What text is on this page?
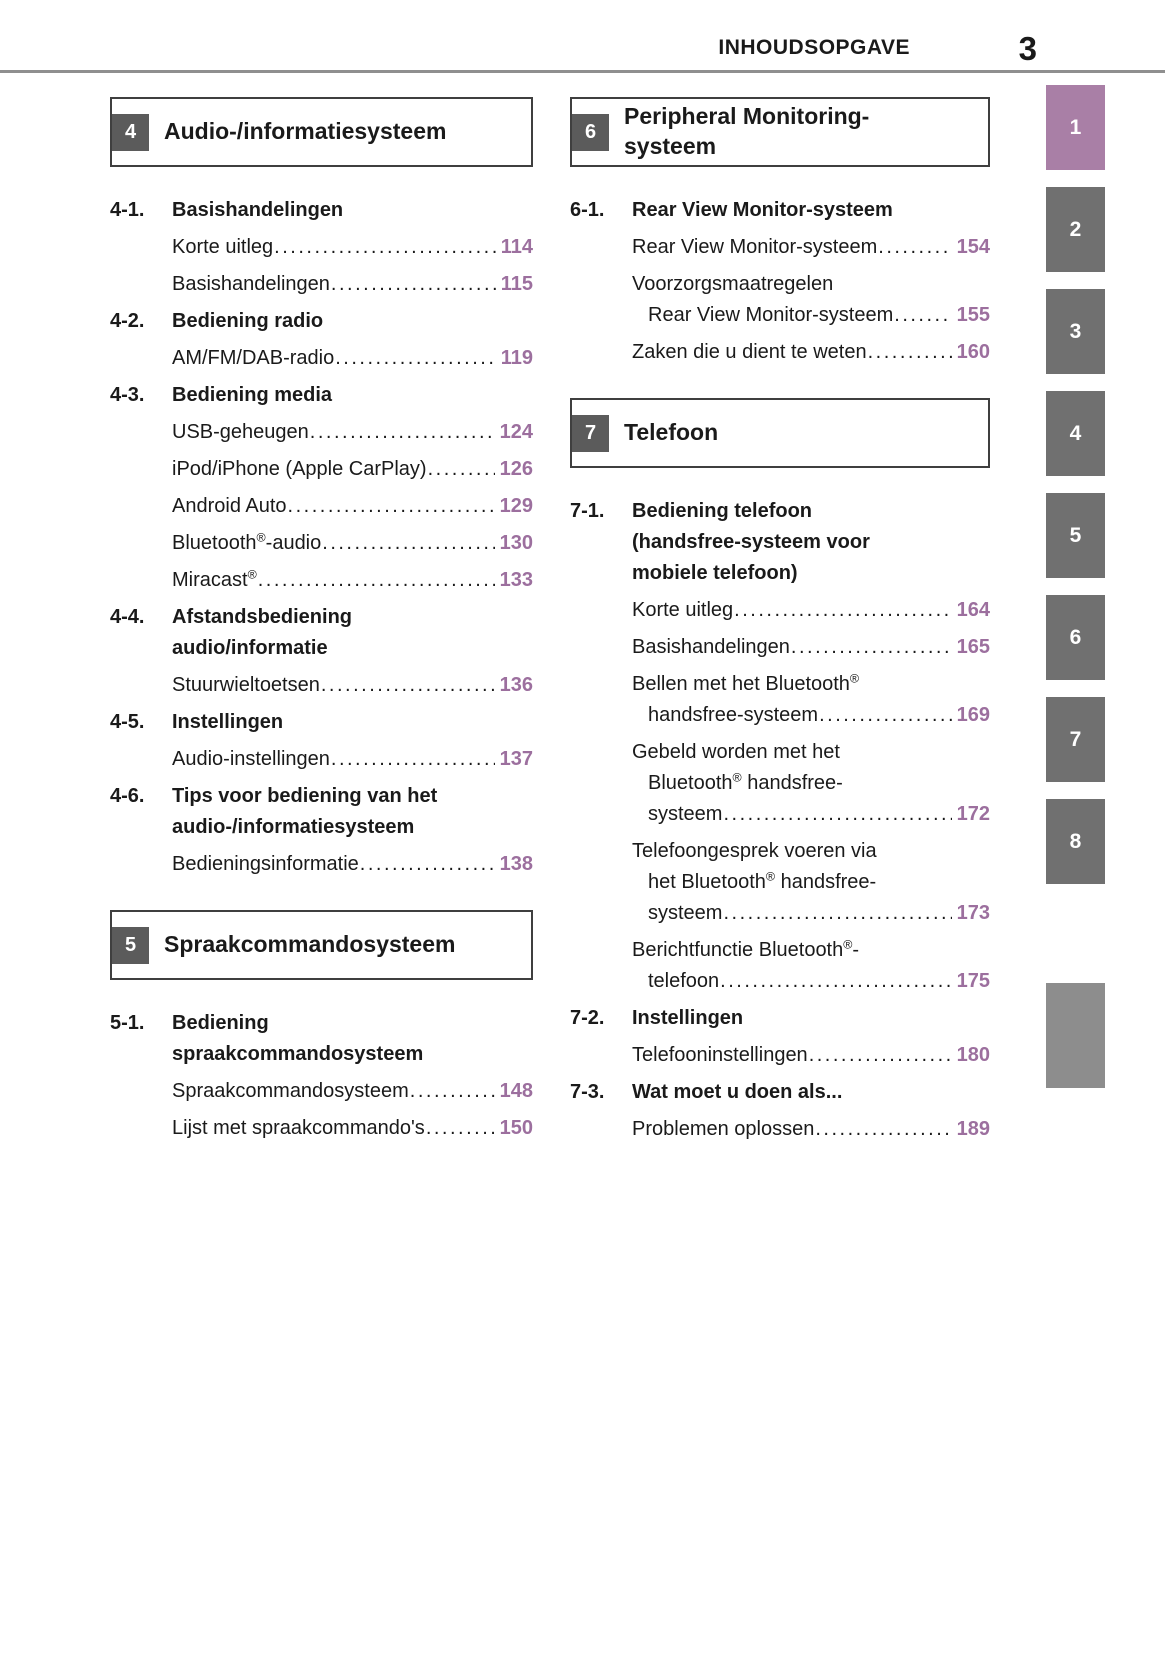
INHOUDSOPGAVE	3
4	Audio-/informatiesysteem
4-1.	Basishandelingen
Korte uitleg .....	114
Basishandelingen .....	115
4-2.	Bediening radio
AM/FM/DAB-radio .....	119
4-3.	Bediening media
USB-geheugen .....	124
iPod/iPhone (Apple CarPlay) .....	126
Android Auto .....	129
Bluetooth®-audio .....	130
Miracast® .....	133
4-4.	Afstandsbediening
audio/informatie
Stuurwieltoetsen .....	136
4-5.	Instellingen
Audio-instellingen .....	137
4-6.	Tips voor bediening van het
audio-/informatiesysteem
Bedieningsinformatie .....	138
5	Spraakcommandosysteem
5-1.	Bediening
spraakcommandosysteem
Spraakcommandosysteem .....	148
Lijst met spraakcommando's .....	150
6
Peripheral Monitoring-
systeem
6-1.	Rear View Monitor-systeem
Rear View Monitor-systeem .....	154
Voorzorgsmaatregelen
Rear View Monitor-systeem .....	155
Zaken die u dient te weten .....	160
7	Telefoon
7-1.	Bediening telefoon
(handsfree-systeem voor
mobiele telefoon)
Korte uitleg .....	164
Basishandelingen .....	165
Bellen met het Bluetooth®
handsfree-systeem .....	169
Gebeld worden met het
Bluetooth® handsfree-
systeem .....	172
Telefoongesprek voeren via
het Bluetooth® handsfree-
systeem .....	173
Berichtfunctie Bluetooth®-
telefoon .....	175
7-2.	Instellingen
Telefooninstellingen .....	180
7-3.	Wat moet u doen als...
Problemen oplossen .....	189
1
2
3
4
5
6
7
8
